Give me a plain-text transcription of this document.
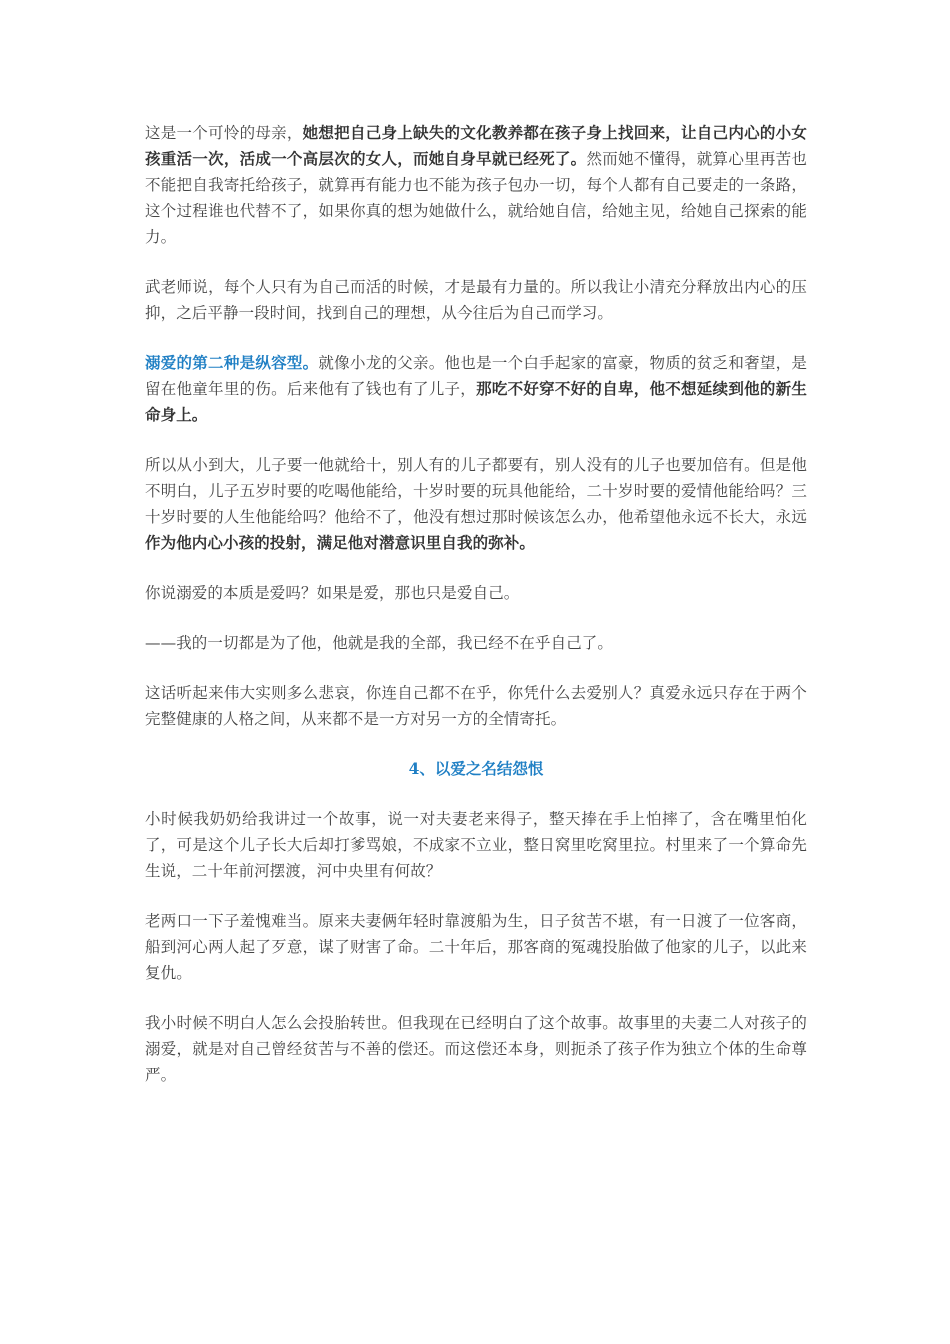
这是一个可怜的母亲，她想把自己身上缺失的文化教养都在孩子身上找回来，让自己内心的小女孩重活一次，活成一个高层次的女人，而她自身早就已经死了。然而她不懂得，就算心里再苦也不能把自我寄托给孩子，就算再有能力也不能为孩子包办一切，每个人都有自己要走的一条路，这个过程谁也代替不了，如果你真的想为她做什么，就给她自信，给她主见，给她自己探索的能力。

武老师说，每个人只有为自己而活的时候，才是最有力量的。所以我让小清充分释放出内心的压抑，之后平静一段时间，找到自己的理想，从今往后为自己而学习。

溺爱的第二种是纵容型。就像小龙的父亲。他也是一个白手起家的富豪，物质的贫乏和奢望，是留在他童年里的伤。后来他有了钱也有了儿子，那吃不好穿不好的自卑，他不想延续到他的新生命身上。

所以从小到大，儿子要一他就给十，别人有的儿子都要有，别人没有的儿子也要加倍有。但是他不明白，儿子五岁时要的吃喝他能给，十岁时要的玩具他能给，二十岁时要的爱情他能给吗？三十岁时要的人生他能给吗？他给不了，他没有想过那时候该怎么办，他希望他永远不长大，永远作为他内心小孩的投射，满足他对潜意识里自我的弥补。

你说溺爱的本质是爱吗？如果是爱，那也只是爱自己。

——我的一切都是为了他，他就是我的全部，我已经不在乎自己了。

这话听起来伟大实则多么悲哀，你连自己都不在乎，你凭什么去爱别人？真爱永远只存在于两个完整健康的人格之间，从来都不是一方对另一方的全情寄托。

4、以爱之名结怨恨

小时候我奶奶给我讲过一个故事，说一对夫妻老来得子，整天捧在手上怕摔了，含在嘴里怕化了，可是这个儿子长大后却打爹骂娘，不成家不立业，整日窝里吃窝里拉。村里来了一个算命先生说，二十年前河摆渡，河中央里有何故？

老两口一下子羞愧难当。原来夫妻俩年轻时靠渡船为生，日子贫苦不堪，有一日渡了一位客商，船到河心两人起了歹意，谋了财害了命。二十年后，那客商的冤魂投胎做了他家的儿子，以此来复仇。

我小时候不明白人怎么会投胎转世。但我现在已经明白了这个故事。故事里的夫妻二人对孩子的溺爱，就是对自己曾经贫苦与不善的偿还。而这偿还本身，则扼杀了孩子作为独立个体的生命尊严。
